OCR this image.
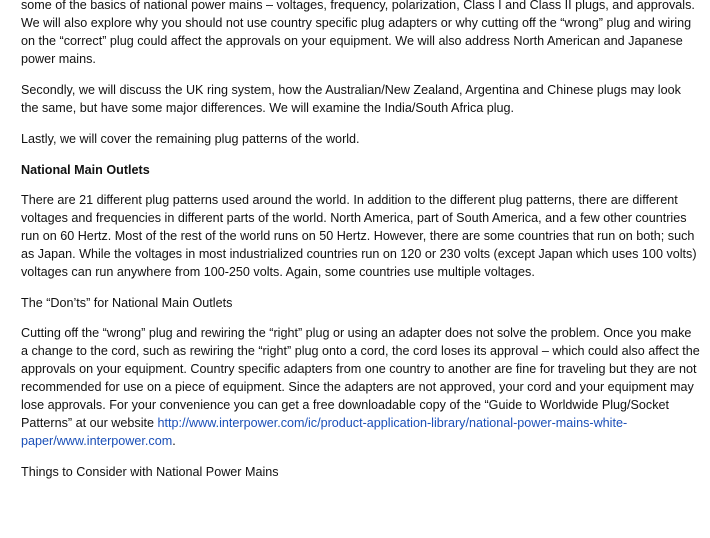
some of the basics of national power mains – voltages, frequency, polarization, Class I and Class II plugs, and approvals. We will also explore why you should not use country specific plug adapters or why cutting off the “wrong” plug and wiring on the “correct” plug could affect the approvals on your equipment. We will also address North American and Japanese power mains.

Secondly, we will discuss the UK ring system, how the Australian/New Zealand, Argentina and Chinese plugs may look the same, but have some major differences. We will examine the India/South Africa plug.

Lastly, we will cover the remaining plug patterns of the world.

National Main Outlets

There are 21 different plug patterns used around the world. In addition to the different plug patterns, there are different voltages and frequencies in different parts of the world. North America, part of South America, and a few other countries run on 60 Hertz. Most of the rest of the world runs on 50 Hertz. However, there are some countries that run on both; such as Japan. While the voltages in most industrialized countries run on 120 or 230 volts (except Japan which uses 100 volts) voltages can run anywhere from 100-250 volts. Again, some countries use multiple voltages.

The “Don’ts” for National Main Outlets

Cutting off the “wrong” plug and rewiring the “right” plug or using an adapter does not solve the problem. Once you make a change to the cord, such as rewiring the “right” plug onto a cord, the cord loses its approval – which could also affect the approvals on your equipment. Country specific adapters from one country to another are fine for traveling but they are not recommended for use on a piece of equipment. Since the adapters are not approved, your cord and your equipment may lose approvals. For your convenience you can get a free downloadable copy of the “Guide to Worldwide Plug/Socket Patterns” at our website http://www.interpower.com/ic/product-application-library/national-power-mains-white-paper/www.interpower.com.

Things to Consider with National Power Mains
